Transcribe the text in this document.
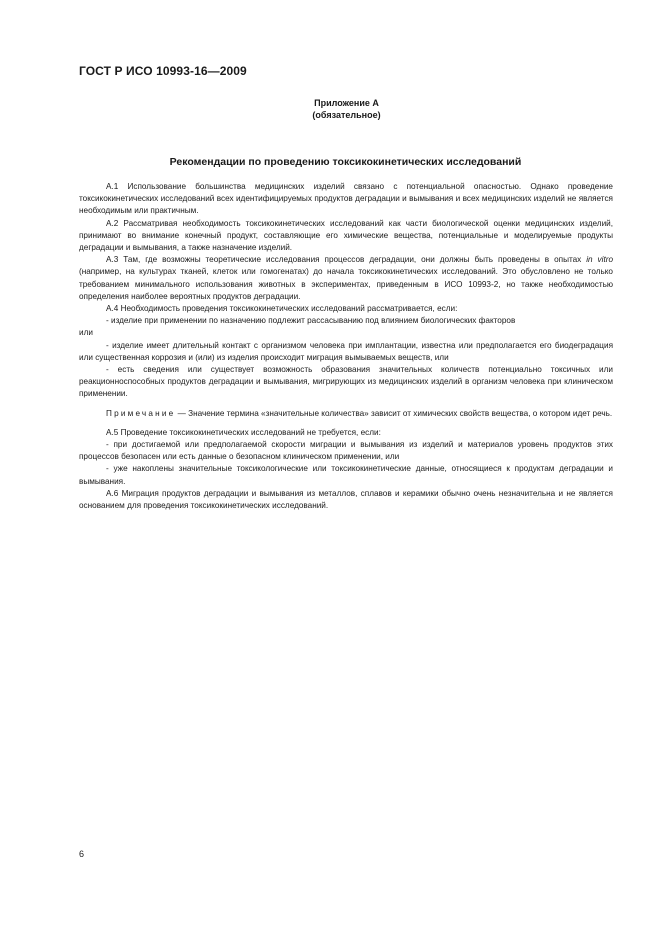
ГОСТ Р ИСО 10993-16—2009
Приложение А
(обязательное)
Рекомендации по проведению токсикокинетических исследований

А.1 Использование большинства медицинских изделий связано с потенциальной опасностью. Однако проведение токсикокинетических исследований всех идентифицируемых продуктов деградации и вымывания и всех медицинских изделий не является необходимым или практичным.

А.2 Рассматривая необходимость токсикокинетических исследований как части биологической оценки медицинских изделий, принимают во внимание конечный продукт, составляющие его химические вещества, потенциальные и моделируемые продукты деградации и вымывания, а также назначение изделий.

А.3 Там, где возможны теоретические исследования процессов деградации, они должны быть проведены в опытах in vitro (например, на культурах тканей, клеток или гомогенатах) до начала токсикокинетических исследований. Это обусловлено не только требованием минимального использования животных в экспериментах, приведенным в ИСО 10993-2, но также необходимостью определения наиболее вероятных продуктов деградации.

А.4 Необходимость проведения токсикокинетических исследований рассматривается, если:

- изделие при применении по назначению подлежит рассасыванию под влиянием биологических факторов

или

- изделие имеет длительный контакт с организмом человека при имплантации, известна или предполагается его биодеградация или существенная коррозия и (или) из изделия происходит миграция вымываемых веществ, или

- есть сведения или существует возможность образования значительных количеств потенциально токсичных или реакционноспособных продуктов деградации и вымывания, мигрирующих из медицинских изделий в организм человека при клиническом применении.

Примечание — Значение термина «значительные количества» зависит от химических свойств вещества, о котором идет речь.

А.5 Проведение токсикокинетических исследований не требуется, если:

- при достигаемой или предполагаемой скорости миграции и вымывания из изделий и материалов уровень продуктов этих процессов безопасен или есть данные о безопасном клиническом применении, или

- уже накоплены значительные токсикологические или токсикокинетические данные, относящиеся к продуктам деградации и вымывания.

А.6 Миграция продуктов деградации и вымывания из металлов, сплавов и керамики обычно очень незначительна и не является основанием для проведения токсикокинетических исследований.

6
